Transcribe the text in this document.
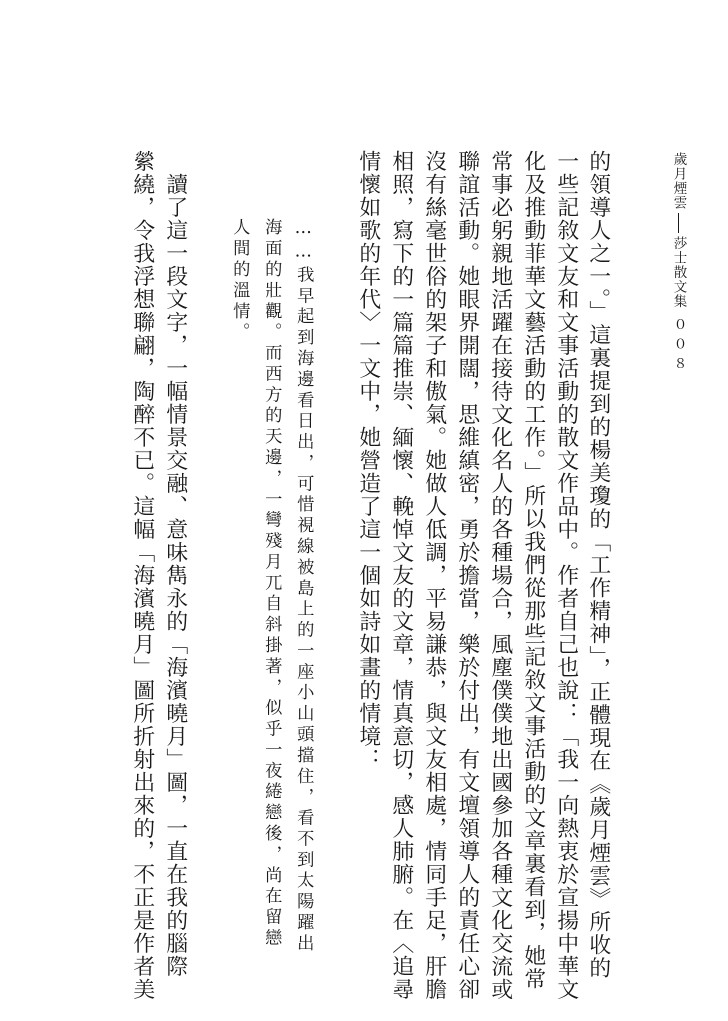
歲月煙雲莎士散文集００８

的領導人之一。」這裏提到的楊美瓊的「工作精神」，正體現在《歲月煙雲》所收的

一些記敘文友和文事活動的散文作品中。作者自己也說：「我一向熱衷於宣揚中華文

化及推動菲華文藝活動的工作。」所以我們從那些記敘文事活動的文章裏看到，她常

常事必躬親地活躍在接待文化名人的各種場合，風塵僕僕地出國參加各種文化交流或

聯誼活動。她眼界開闊，思維縝密，勇於擔當，樂於付出，有文壇領導人的責任心卻

沒有絲毫世俗的架子和傲氣。她做人低調，平易謙恭，與文友相處，情同手足，肝膽

相照，寫下的一篇篇推崇、緬懷、輓悼文友的文章，情真意切，感人肺腑。在〈追尋

情懷如歌的年代〉一文中，她營造了這一個如詩如畫的情境：

……我早起到海邊看日出，可惜視線被島上的一座小山頭擋住，看不到太陽躍出

海面的壯觀。而西方的天邊，一彎殘月兀自斜掛著，似乎一夜綣戀後，尚在留戀

人間的溫情。

讀了這一段文字，一幅情景交融、意味雋永的「海濱曉月」圖，一直在我的腦際

縈繞，令我浮想聯翩，陶醉不已。這幅「海濱曉月」圖所折射出來的，不正是作者美
